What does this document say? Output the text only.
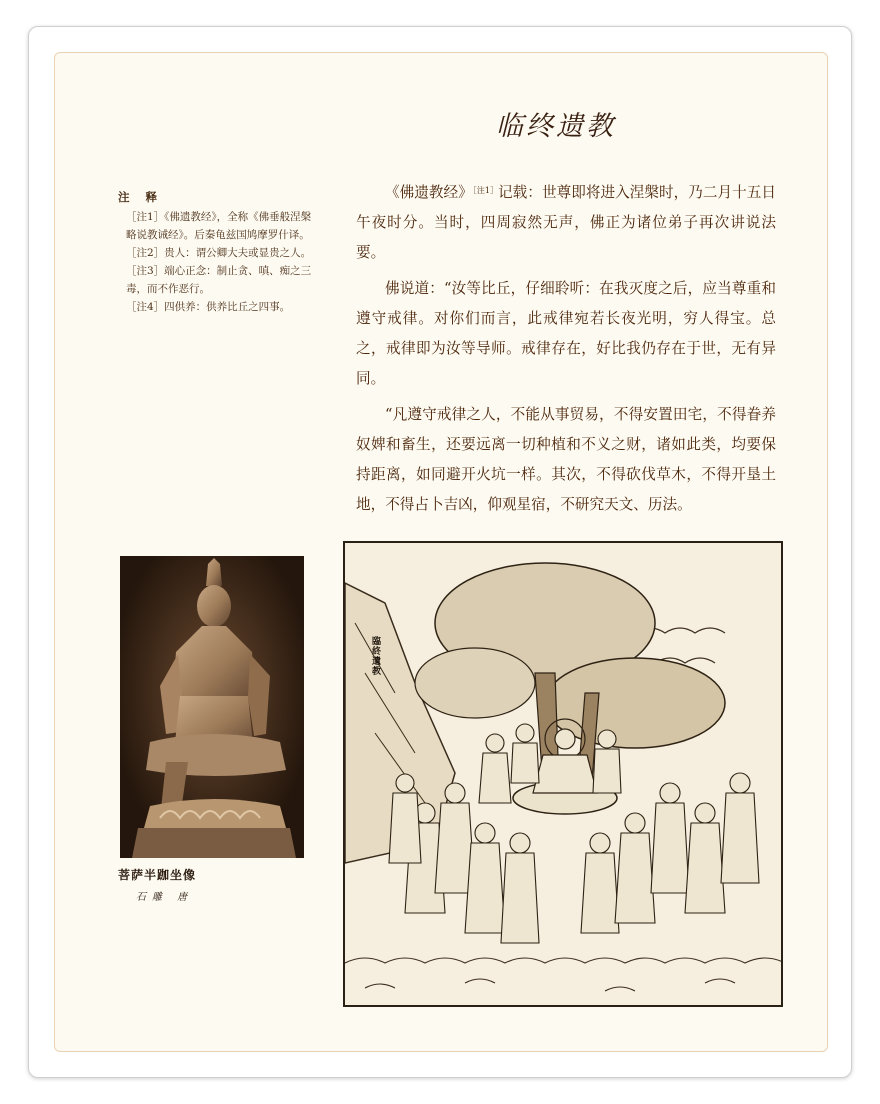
临终遗教
注 释
［注1］《佛遗教经》，全称《佛垂般涅槃略说教诫经》。后秦龟兹国鸠摩罗什译。
［注2］贵人：谓公卿大夫或显贵之人。
［注3］端心正念：制止贪、嗔、痴之三毒，而不作恶行。
［注4］四供养：供养比丘之四事。
菩萨半跏坐像
石雕 唐

《佛遗教经》$^{[注1]}$记载：世尊即将进入涅槃时，乃二月十五日午夜时分。当时，四周寂然无声，佛正为诸位弟子再次讲说法要。

佛说道：“汝等比丘，仔细聆听：在我灭度之后，应当尊重和遵守戒律。对你们而言，此戒律宛若长夜光明，穷人得宝。总之，戒律即为汝等导师。戒律存在，好比我仍存在于世，无有异同。

“凡遵守戒律之人，不能从事贸易，不得安置田宅，不得眷养奴婢和畜生，还要远离一切种植和不义之财，诸如此类，均要保持距离，如同避开火坑一样。其次，不得砍伐草木，不得开垦土地，不得占卜吉凶，仰观星宿，不研究天文、历法。

臨終遺教
